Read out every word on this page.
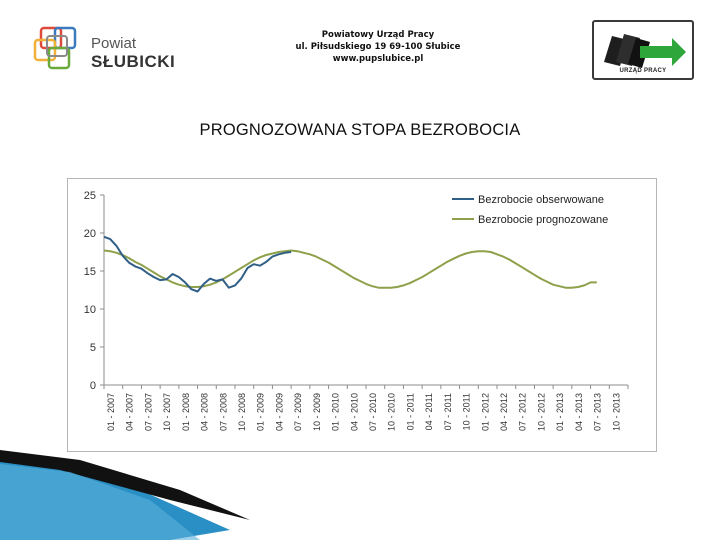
Powiat
SŁUBICKI
Powiatowy Urząd Pracy
ul. Piłsudskiego 19 69-100 Słubice
www.pupslubice.pl
URZĄD PRACY
PROGNOZOWANA STOPA BEZROBOCIA
0
5
10
15
20
25
01 - 2007 04 - 2007 07 - 2007 10 - 2007 01 - 2008 04 - 2008 07 - 2008 10 - 2008 01 - 2009 04 - 2009 07 - 2009 10 - 2009 01 - 2010 04 - 2010 07 - 2010 10 - 2010 01 - 2011 04 - 2011 07 - 2011 10 - 2011 01 - 2012 04 - 2012 07 - 2012 10 - 2012 01 - 2013 04 - 2013 07 - 2013 10 - 2013
Bezrobocie obserwowane
Bezrobocie prognozowane
